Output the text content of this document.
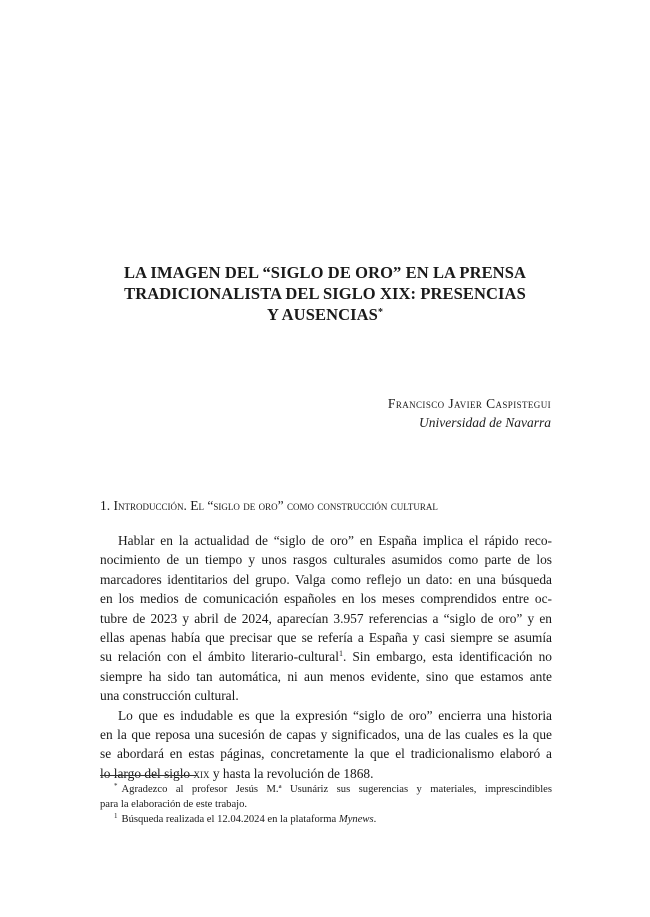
LA IMAGEN DEL “SIGLO DE ORO” EN LA PRENSA
TRADICIONALISTA DEL SIGLO XIX: PRESENCIAS
Y AUSENCIAS*
Francisco Javier Caspistegui
Universidad de Navarra
1. Introducción. El “siglo de oro” como construcción cultural
Hablar en la actualidad de “siglo de oro” en España implica el rápido reco-
nocimiento de un tiempo y unos rasgos culturales asumidos como parte de los
marcadores identitarios del grupo. Valga como reflejo un dato: en una búsqueda
en los medios de comunicación españoles en los meses comprendidos entre oc-
tubre de 2023 y abril de 2024, aparecían 3.957 referencias a “siglo de oro” y en
ellas apenas había que precisar que se refería a España y casi siempre se asumía
su relación con el ámbito literario-cultural$^1$. Sin embargo, esta identificación no
siempre ha sido tan automática, ni aun menos evidente, sino que estamos ante
una construcción cultural.
Lo que es indudable es que la expresión “siglo de oro” encierra una historia
en la que reposa una sucesión de capas y significados, una de las cuales es la que
se abordará en estas páginas, concretamente la que el tradicionalismo elaboró a
lo largo del siglo xix y hasta la revolución de 1868.
* Agradezco al profesor Jesús M.ª Usunáriz sus sugerencias y materiales, imprescindibles
para la elaboración de este trabajo.
$^1$ Búsqueda realizada el 12.04.2024 en la plataforma Mynews.
